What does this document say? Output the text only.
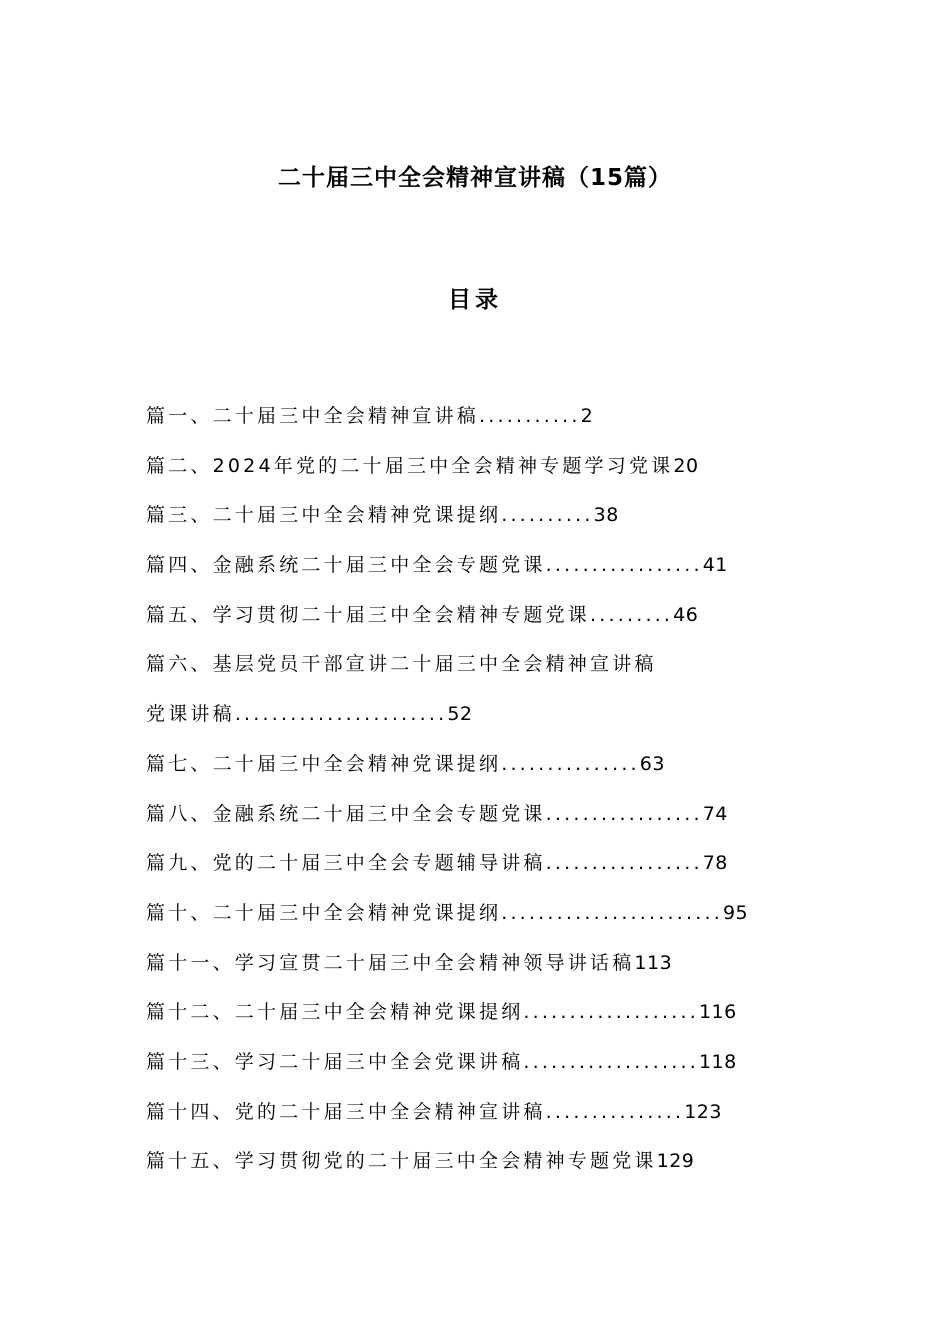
二十届三中全会精神宣讲稿（15篇）
目录
篇一、二十届三中全会精神宣讲稿...........2
篇二、2024年党的二十届三中全会精神专题学习党课20
篇三、二十届三中全会精神党课提纲..........38
篇四、金融系统二十届三中全会专题党课.................41
篇五、学习贯彻二十届三中全会精神专题党课.........46
篇六、基层党员干部宣讲二十届三中全会精神宣讲稿
党课讲稿.......................52
篇七、二十届三中全会精神党课提纲...............63
篇八、金融系统二十届三中全会专题党课.................74
篇九、党的二十届三中全会专题辅导讲稿.................78
篇十、二十届三中全会精神党课提纲........................95
篇十一、学习宣贯二十届三中全会精神领导讲话稿113
篇十二、二十届三中全会精神党课提纲...................116
篇十三、学习二十届三中全会党课讲稿...................118
篇十四、党的二十届三中全会精神宣讲稿...............123
篇十五、学习贯彻党的二十届三中全会精神专题党课129
